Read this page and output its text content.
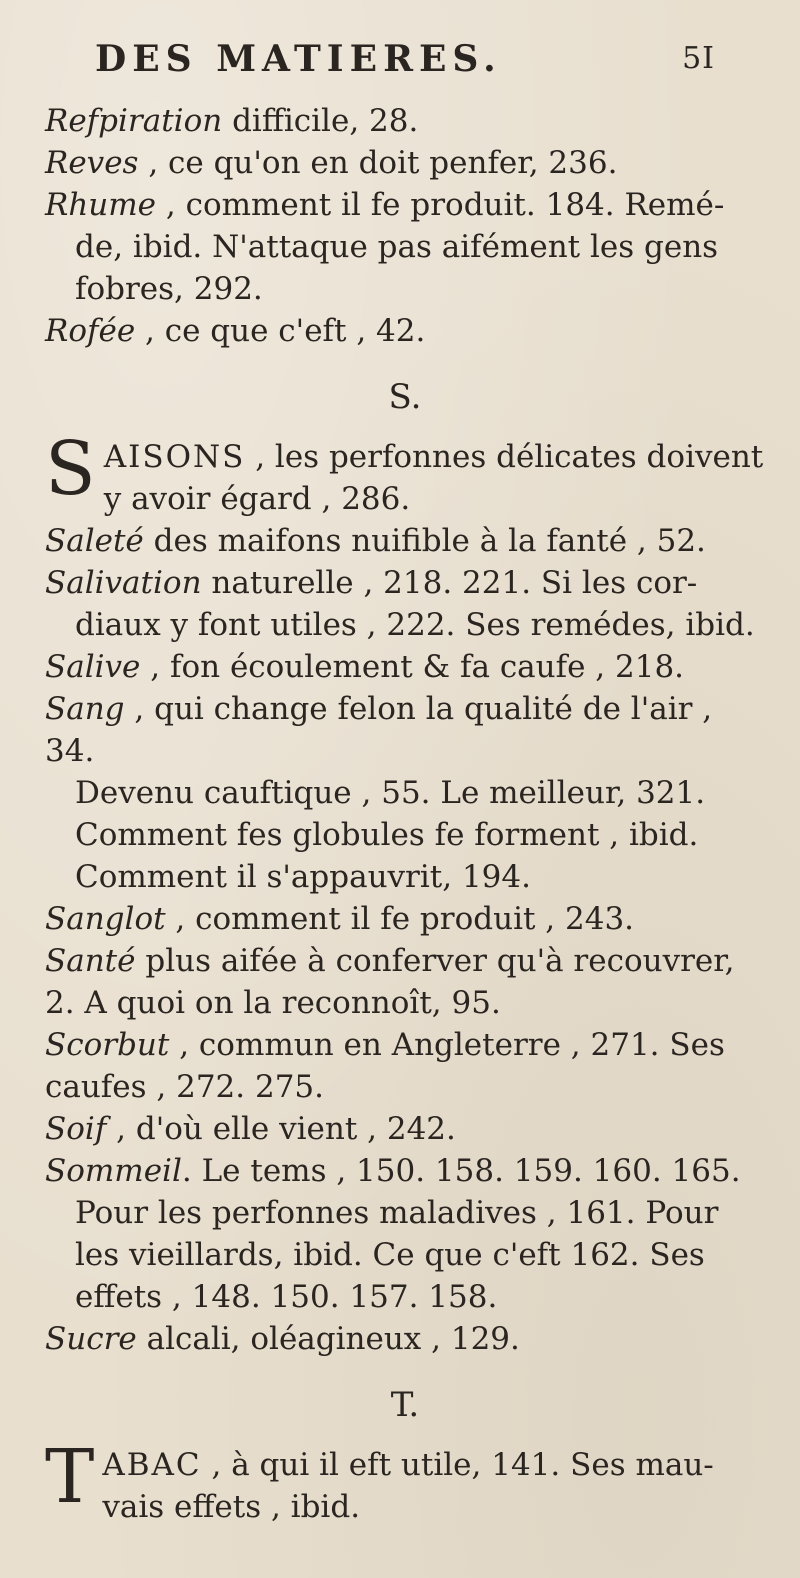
DES MATIERES.	5I

Refpiration difficile, 28.

Reves , ce qu'on en doit penfer, 236.

Rhume , comment il fe produit. 184. Remé-
de, ibid. N'attaque pas aifément les gens fobres, 292.

Rofée , ce que c'eft , 42.

S.

SAISONS , les perfonnes délicates doivent
y avoir égard , 286.

Saleté des maifons nuifible à la fanté , 52.

Salivation naturelle , 218. 221. Si les cor-
diaux y font utiles , 222. Ses remédes, ibid.

Salive , fon écoulement & fa caufe , 218.

Sang , qui change felon la qualité de l'air , 34.
Devenu cauftique , 55. Le meilleur, 321. Comment fes globules fe forment , ibid. Comment il s'appauvrit, 194.

Sanglot , comment il fe produit , 243.

Santé plus aifée à conferver qu'à recouvrer, 2. A quoi on la reconnoît, 95.

Scorbut , commun en Angleterre , 271. Ses caufes , 272. 275.

Soif , d'où elle vient , 242.

Sommeil. Le tems , 150. 158. 159. 160. 165.
Pour les perfonnes maladives , 161. Pour les vieillards, ibid. Ce que c'eft 162. Ses effets , 148. 150. 157. 158.

Sucre alcali, oléagineux , 129.

T.

TABAC , à qui il eft utile, 141. Ses mau-
vais effets , ibid.
